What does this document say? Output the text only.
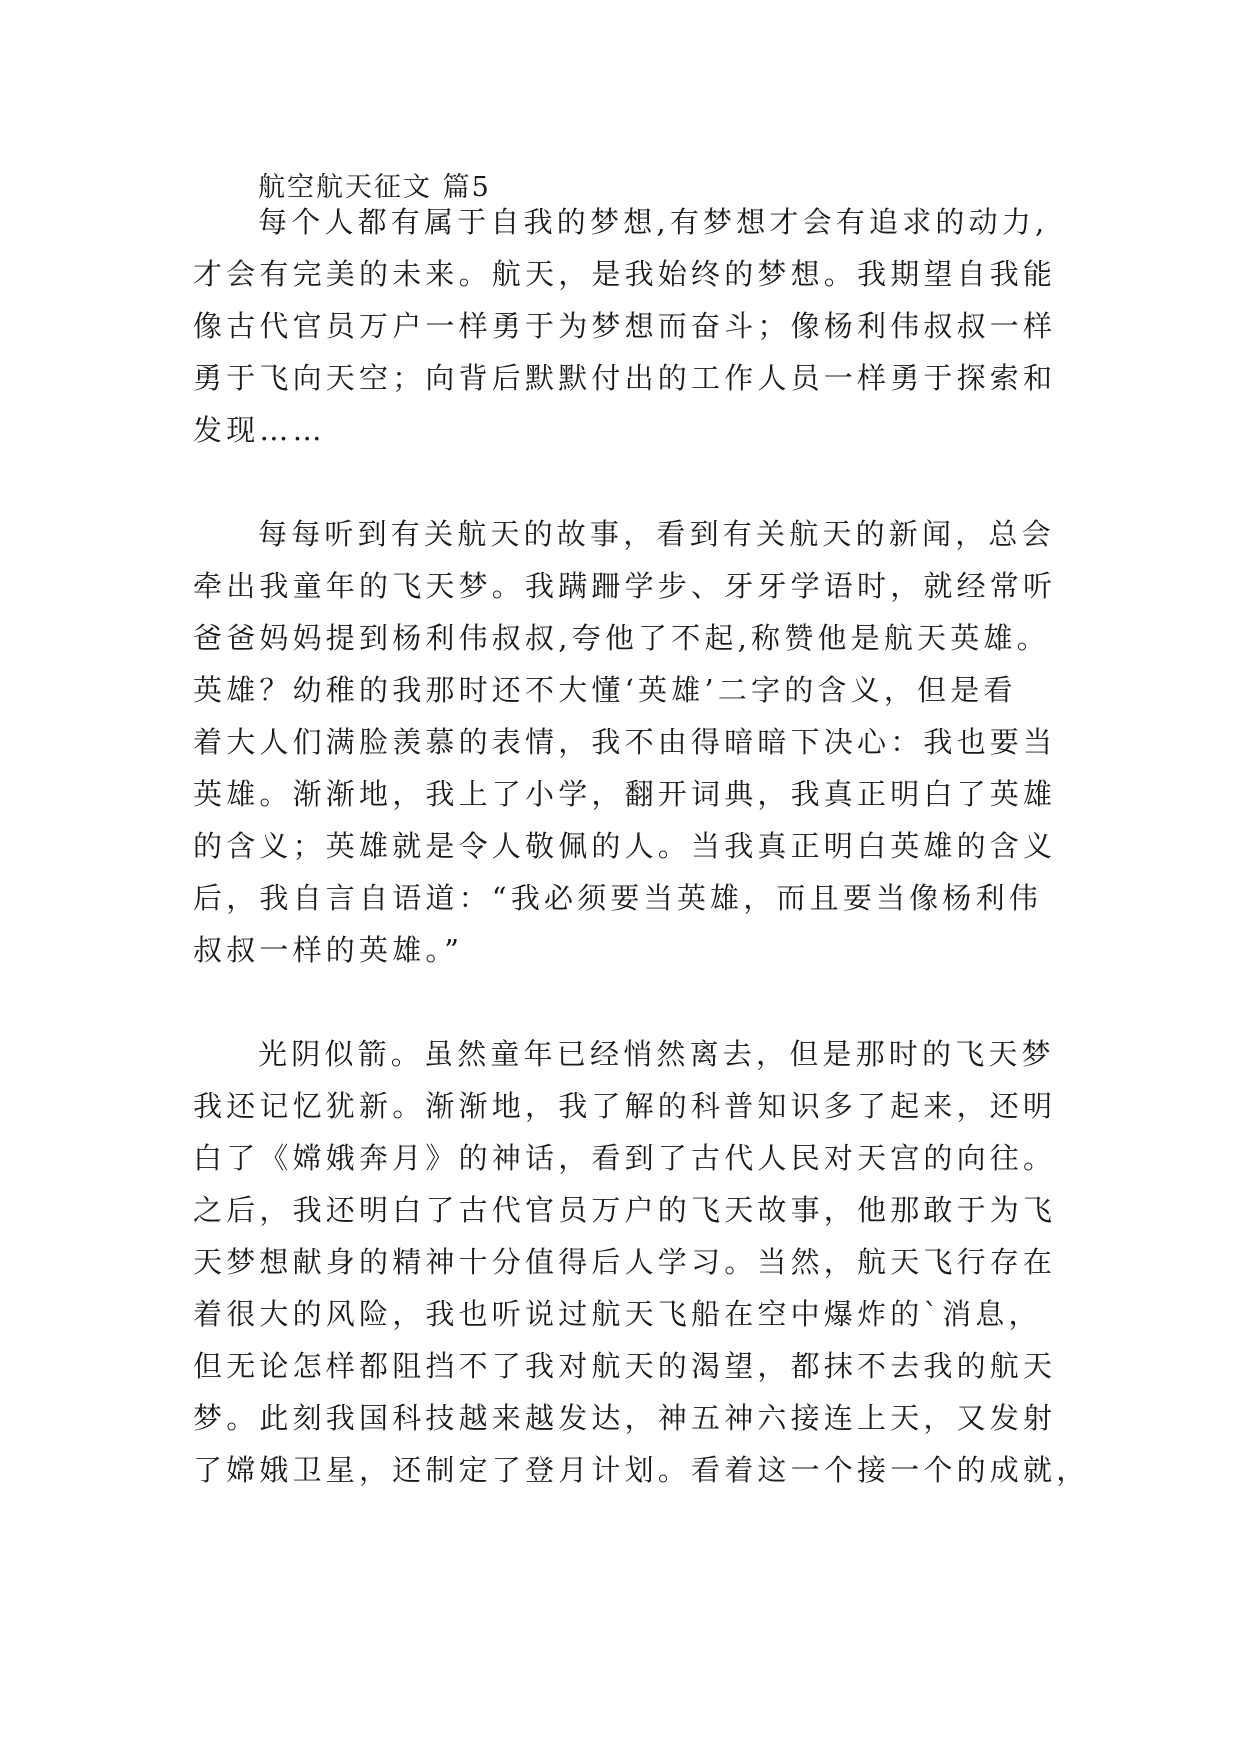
航空航天征文 篇5
每个人都有属于自我的梦想,有梦想才会有追求的动力,
才会有完美的未来。航天，是我始终的梦想。我期望自我能
像古代官员万户一样勇于为梦想而奋斗；像杨利伟叔叔一样
勇于飞向天空；向背后默默付出的工作人员一样勇于探索和
发现……
每每听到有关航天的故事，看到有关航天的新闻，总会
牵出我童年的飞天梦。我蹒跚学步、牙牙学语时，就经常听
爸爸妈妈提到杨利伟叔叔,夸他了不起,称赞他是航天英雄。
英雄？幼稚的我那时还不大懂‘英雄’二字的含义，但是看
着大人们满脸羡慕的表情，我不由得暗暗下决心：我也要当
英雄。渐渐地，我上了小学，翻开词典，我真正明白了英雄
的含义；英雄就是令人敬佩的人。当我真正明白英雄的含义
后，我自言自语道：“我必须要当英雄，而且要当像杨利伟
叔叔一样的英雄。”
光阴似箭。虽然童年已经悄然离去，但是那时的飞天梦
我还记忆犹新。渐渐地，我了解的科普知识多了起来，还明
白了《嫦娥奔月》的神话，看到了古代人民对天宫的向往。
之后，我还明白了古代官员万户的飞天故事，他那敢于为飞
天梦想献身的精神十分值得后人学习。当然，航天飞行存在
着很大的风险，我也听说过航天飞船在空中爆炸的`消息，
但无论怎样都阻挡不了我对航天的渴望，都抹不去我的航天
梦。此刻我国科技越来越发达，神五神六接连上天，又发射
了嫦娥卫星，还制定了登月计划。看着这一个接一个的成就，
